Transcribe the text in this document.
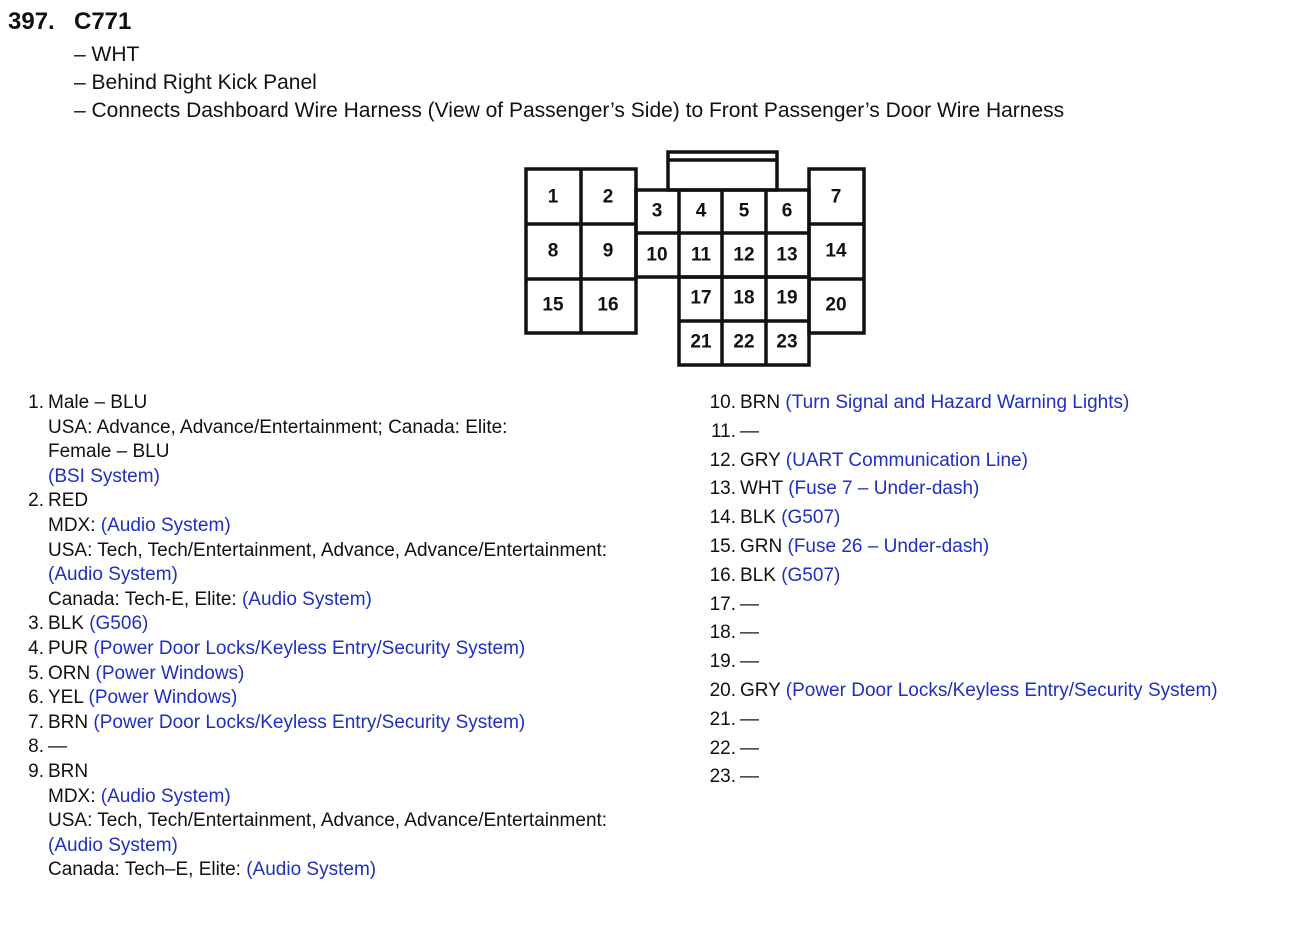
397. C771
– WHT
– Behind Right Kick Panel
– Connects Dashboard Wire Harness (View of Passenger’s Side) to Front Passenger’s Door Wire Harness
1 2
3 4 5 6
7
8 9 10 11 12 13 14
15 16	17 18 19 20
21 22 23
1. Male – BLU
USA: Advance, Advance/Entertainment; Canada: Elite:
Female – BLU
(BSI System)
2. RED
MDX: (Audio System)
USA: Tech, Tech/Entertainment, Advance, Advance/Entertainment:
(Audio System)
Canada: Tech-E, Elite: (Audio System)
3. BLK (G506)
4. PUR (Power Door Locks/Keyless Entry/Security System)
5. ORN (Power Windows)
6. YEL (Power Windows)
7. BRN (Power Door Locks/Keyless Entry/Security System)
8. —
9. BRN
MDX: (Audio System)
USA: Tech, Tech/Entertainment, Advance, Advance/Entertainment:
(Audio System)
Canada: Tech–E, Elite: (Audio System)
10. BRN (Turn Signal and Hazard Warning Lights)
11. —
12. GRY (UART Communication Line)
13. WHT (Fuse 7 – Under-dash)
14. BLK (G507)
15. GRN (Fuse 26 – Under-dash)
16. BLK (G507)
17. —
18. —
19. —
20. GRY (Power Door Locks/Keyless Entry/Security System)
21. —
22. —
23. —
